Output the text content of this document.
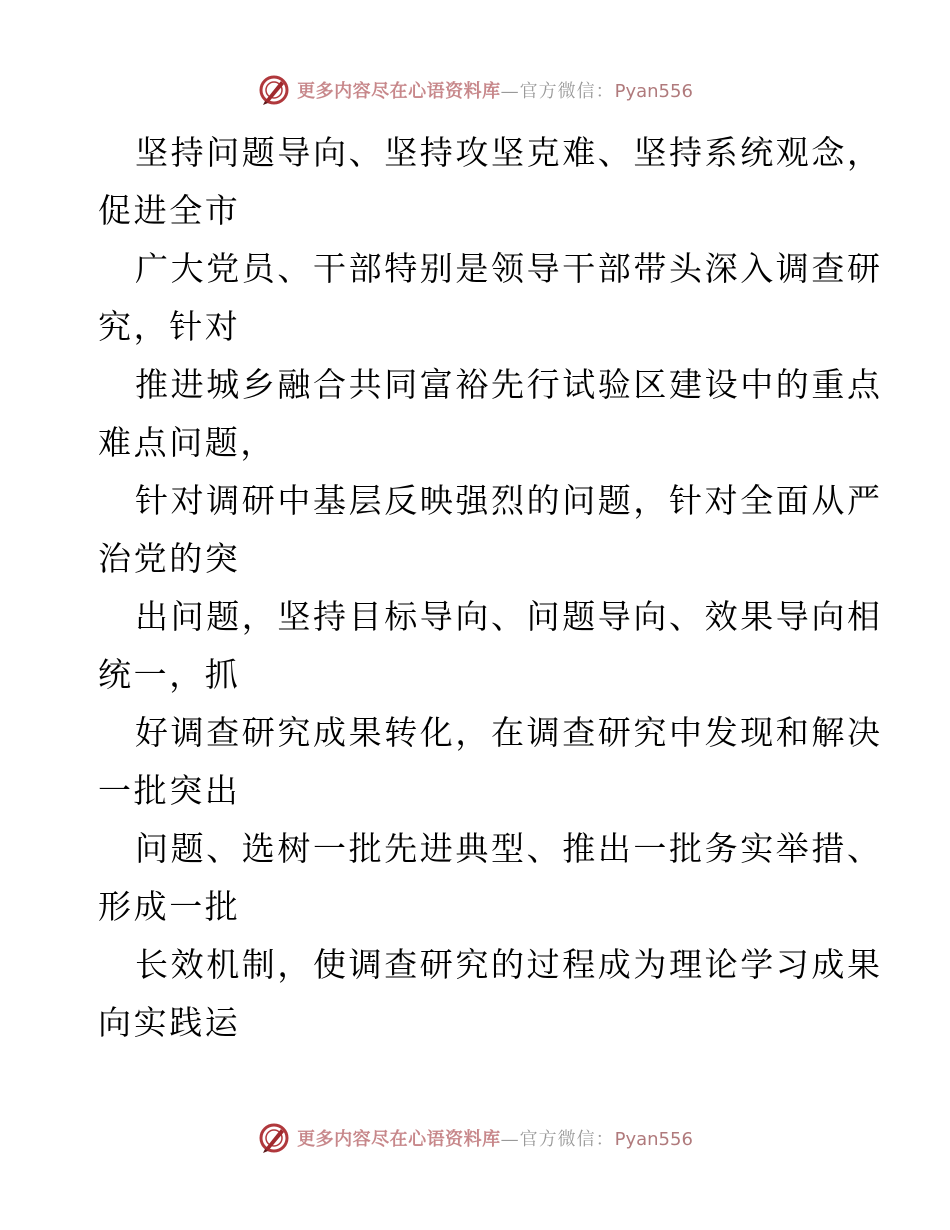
更多内容尽在心语资料库 — 官方微信： Pyan556

坚持问题导向、坚持攻坚克难、坚持系统观念，
促进全市

广大党员、干部特别是领导干部带头深入调查研
究，针对

推进城乡融合共同富裕先行试验区建设中的重点
难点问题，

针对调研中基层反映强烈的问题，针对全面从严
治党的突

出问题，坚持目标导向、问题导向、效果导向相
统一，抓

好调查研究成果转化，在调查研究中发现和解决
一批突出

问题、选树一批先进典型、推出一批务实举措、
形成一批

长效机制，使调查研究的过程成为理论学习成果
向实践运

更多内容尽在心语资料库 — 官方微信： Pyan556
